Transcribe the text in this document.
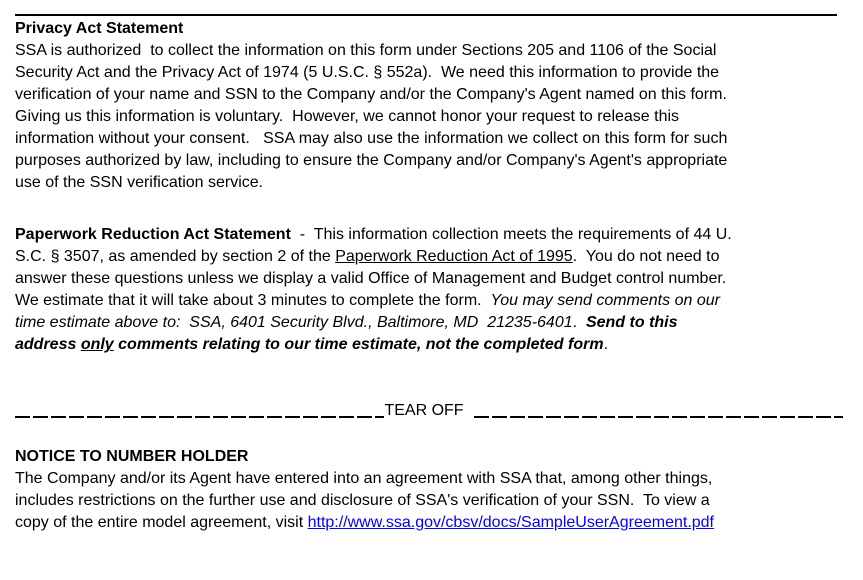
Privacy Act Statement
SSA is authorized  to collect the information on this form under Sections 205 and 1106 of the Social
Security Act and the Privacy Act of 1974 (5 U.S.C. § 552a).  We need this information to provide the
verification of your name and SSN to the Company and/or the Company's Agent named on this form.
Giving us this information is voluntary.  However, we cannot honor your request to release this
information without your consent.   SSA may also use the information we collect on this form for such
purposes authorized by law, including to ensure the Company and/or Company's Agent's appropriate
use of the SSN verification service.
Paperwork Reduction Act Statement  -  This information collection meets the requirements of 44 U.
S.C. § 3507, as amended by section 2 of the Paperwork Reduction Act of 1995.  You do not need to
answer these questions unless we display a valid Office of Management and Budget control number.
We estimate that it will take about 3 minutes to complete the form.  You may send comments on our
time estimate above to:  SSA, 6401 Security Blvd., Baltimore, MD  21235-6401.  Send to this
address only comments relating to our time estimate, not the completed form.
TEAR OFF
NOTICE TO NUMBER HOLDER
The Company and/or its Agent have entered into an agreement with SSA that, among other things,
includes restrictions on the further use and disclosure of SSA's verification of your SSN.  To view a
copy of the entire model agreement, visit http://www.ssa.gov/cbsv/docs/SampleUserAgreement.pdf
